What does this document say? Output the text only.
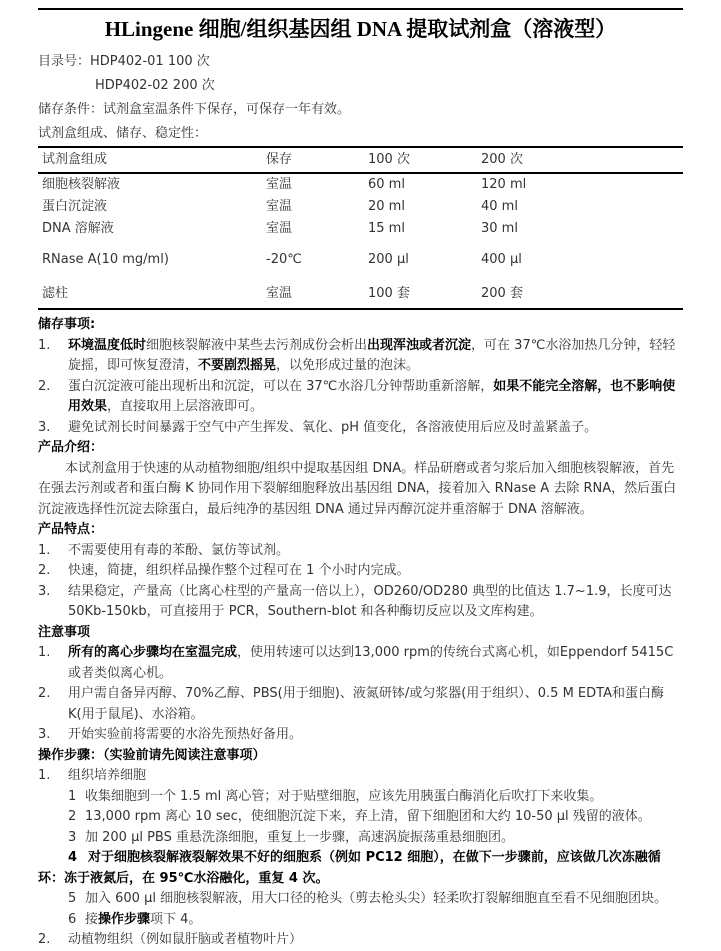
HLingene 细胞/组织基因组 DNA 提取试剂盒（溶液型）
目录号：HDP402-01 100 次
HDP402-02 200 次
储存条件：试剂盒室温条件下保存，可保存一年有效。
试剂盒组成、储存、稳定性：
试剂盒组成	保存	100 次	200 次
细胞核裂解液	室温	60 ml	120 ml
蛋白沉淀液	室温	20 ml	40 ml
DNA 溶解液	室温	15 ml	30 ml
RNase A(10 mg/ml)	-20℃	200 μl	400 μl
滤柱	室温	100 套	200 套
储存事项:
1.	环境温度低时细胞核裂解液中某些去污剂成份会析出出现浑浊或者沉淀，可在 37℃水浴加热几分钟，轻轻旋摇，即可恢复澄清，不要剧烈摇晃，以免形成过量的泡沫。
2.	蛋白沉淀液可能出现析出和沉淀，可以在 37℃水浴几分钟帮助重新溶解，如果不能完全溶解，也不影响使用效果，直接取用上层溶液即可。
3.	避免试剂长时间暴露于空气中产生挥发、氧化、pH 值变化，各溶液使用后应及时盖紧盖子。
产品介绍：
本试剂盒用于快速的从动植物细胞/组织中提取基因组 DNA。样品研磨或者匀浆后加入细胞核裂解液，首先在强去污剂或者和蛋白酶 K 协同作用下裂解细胞释放出基因组 DNA，接着加入 RNase A 去除 RNA，然后蛋白沉淀液选择性沉淀去除蛋白，最后纯净的基因组 DNA 通过异丙醇沉淀并重溶解于 DNA 溶解液。
产品特点：
1.	不需要使用有毒的苯酚、氯仿等试剂。
2.	快速，简捷，组织样品操作整个过程可在 1 个小时内完成。
3.	结果稳定，产量高（比离心柱型的产量高一倍以上），OD260/OD280 典型的比值达 1.7~1.9，长度可达 50Kb-150kb，可直接用于 PCR，Southern-blot 和各种酶切反应以及文库构建。
注意事项
1.	所有的离心步骤均在室温完成，使用转速可以达到13,000 rpm的传统台式离心机，如Eppendorf 5415C 或者类似离心机。
2.	用户需自备异丙醇、70%乙醇、PBS(用于细胞)、液氮研钵/或匀浆器(用于组织）、0.5 M EDTA和蛋白酶K(用于鼠尾)、水浴箱。
3.	开始实验前将需要的水浴先预热好备用。
操作步骤：（实验前请先阅读注意事项）
1.	组织培养细胞
1 收集细胞到一个 1.5 ml 离心管；对于贴壁细胞，应该先用胰蛋白酶消化后吹打下来收集。
2 13,000 rpm 离心 10 sec，使细胞沉淀下来，弃上清，留下细胞团和大约 10-50 μl 残留的液体。
3 加 200 μl PBS 重悬洗涤细胞，重复上一步骤，高速涡旋振荡重悬细胞团。
4 对于细胞核裂解液裂解效果不好的细胞系（例如 PC12 细胞），在做下一步骤前，应该做几次冻融循环：冻于液氮后，在 95℃水浴融化，重复 4 次。
5 加入 600 μl 细胞核裂解液，用大口径的枪头（剪去枪头尖）轻柔吹打裂解细胞直至看不见细胞团块。
6 接操作步骤项下 4。
2.	动植物组织（例如鼠肝脑或者植物叶片）
